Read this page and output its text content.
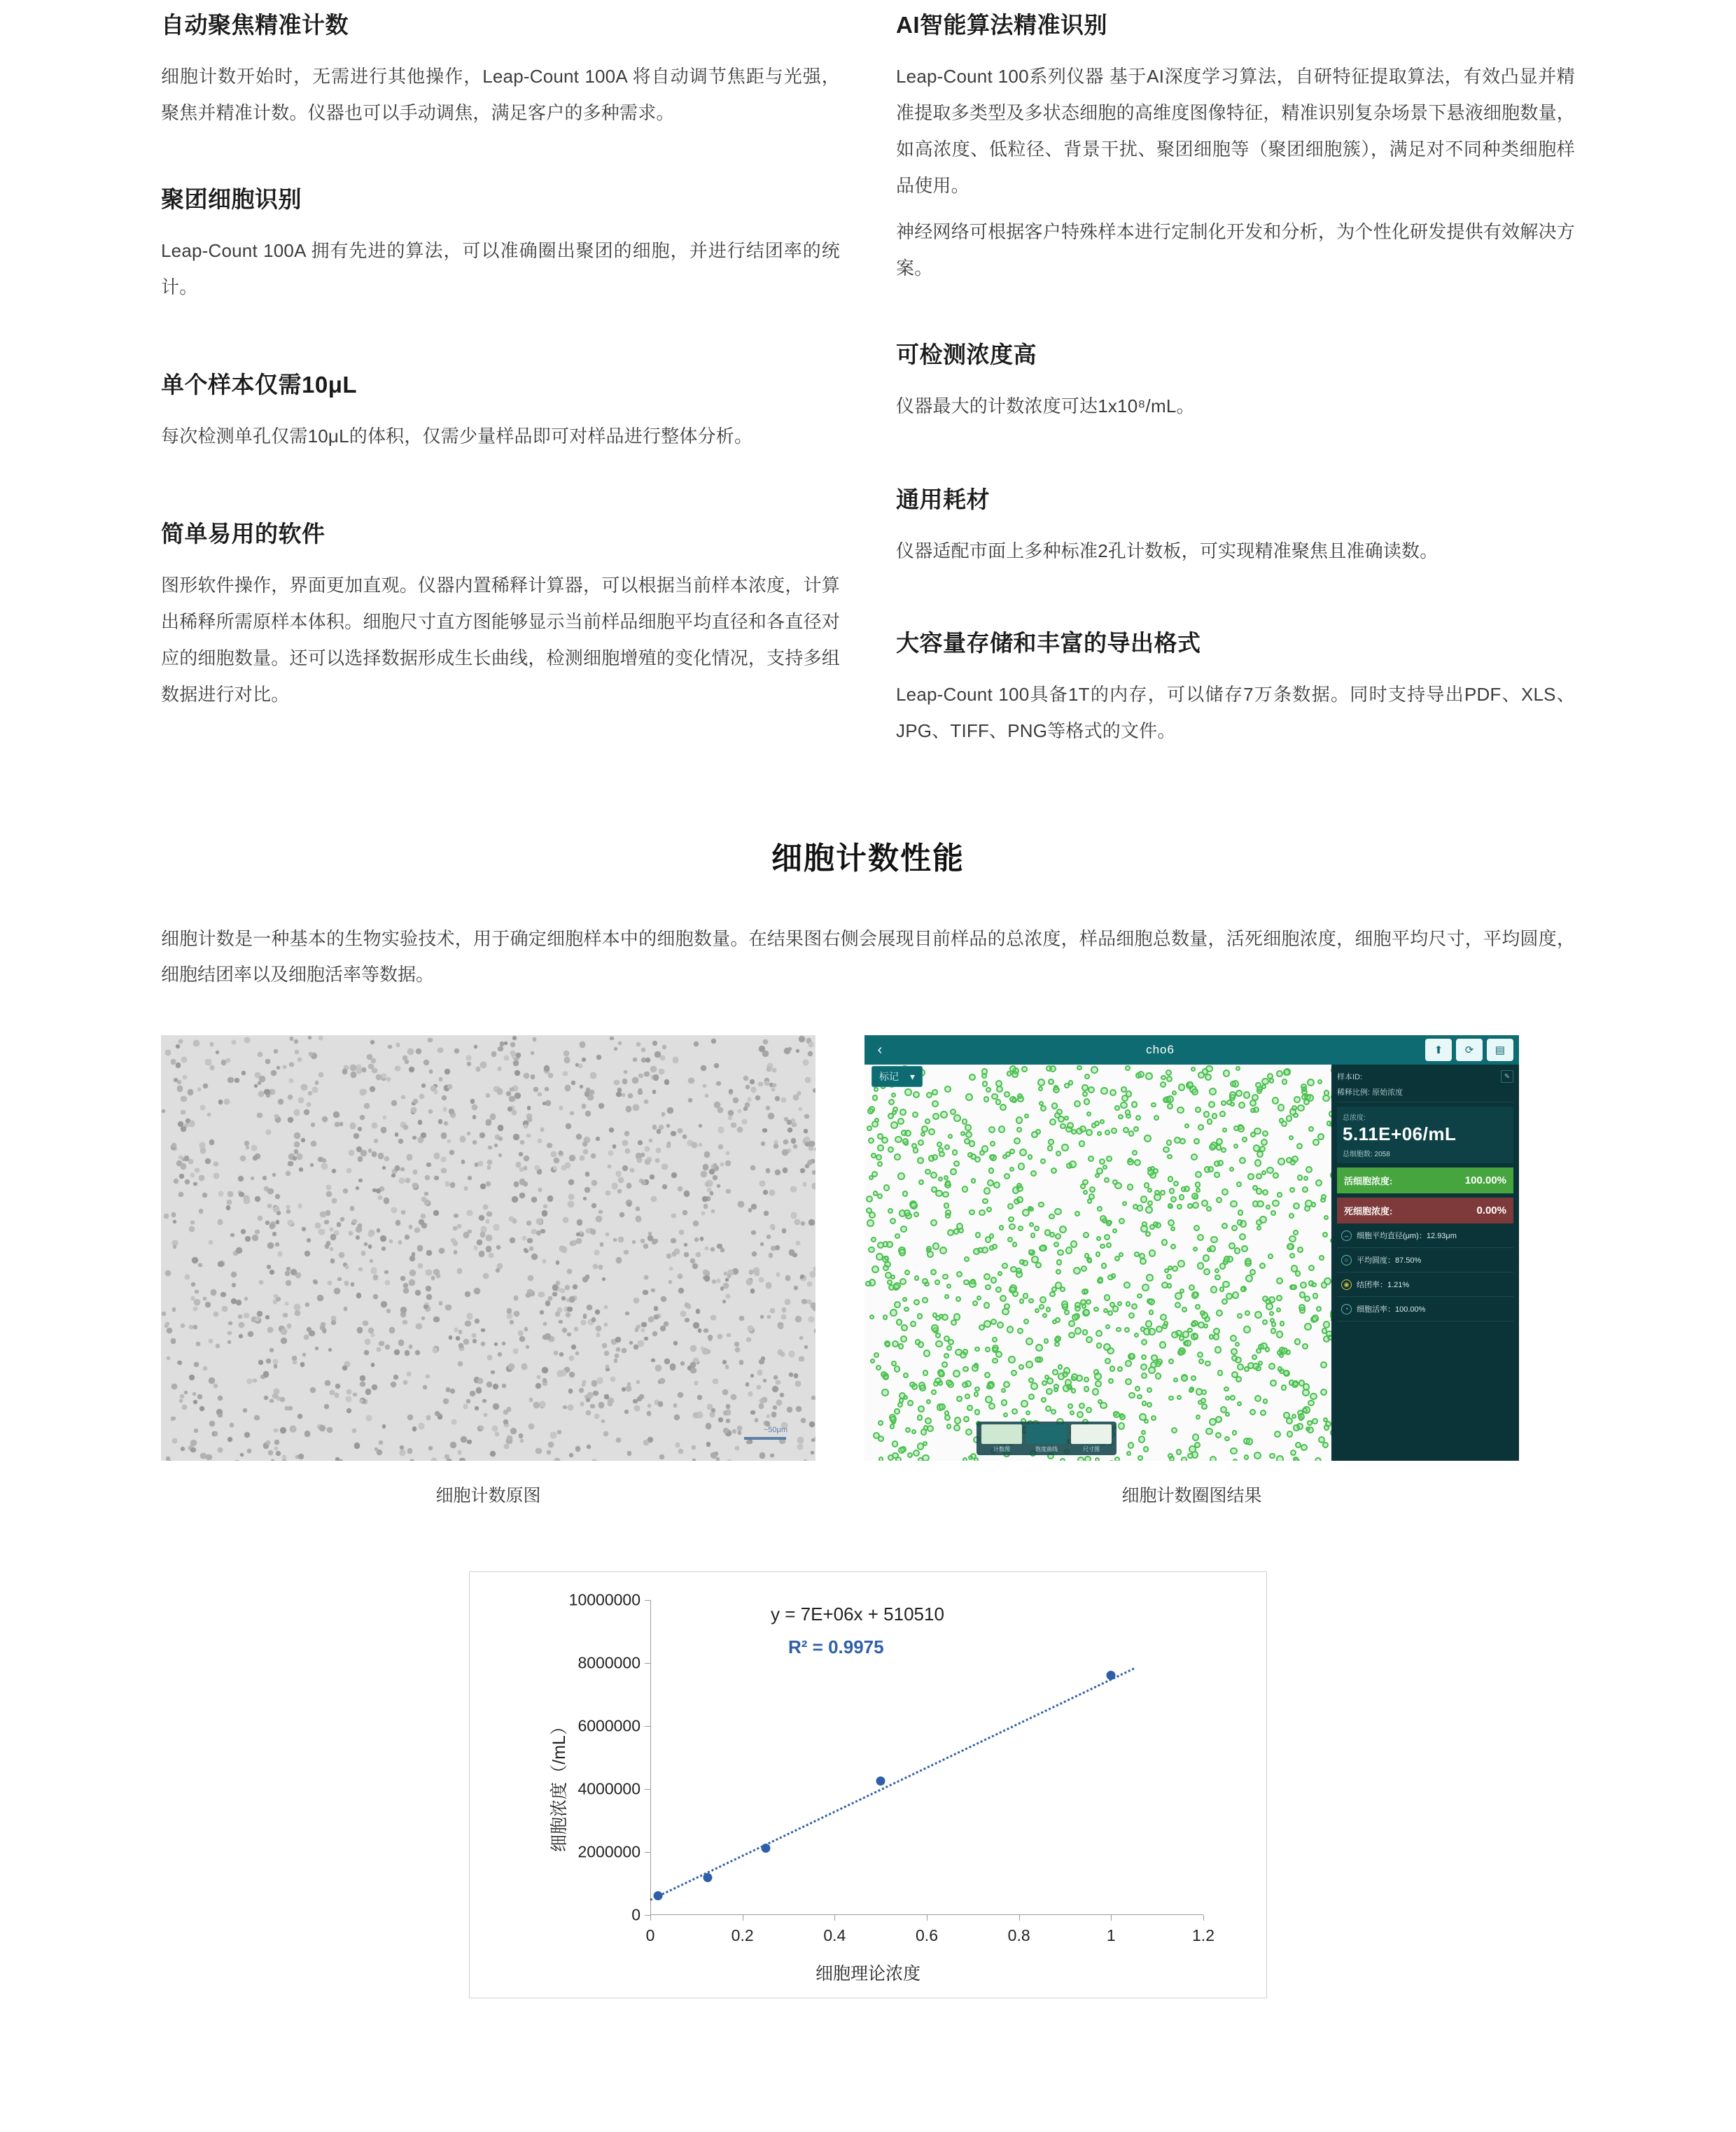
自动聚焦精准计数

细胞计数开始时，无需进行其他操作，Leap-Count 100A 将自动调节焦距与光强，聚焦并精准计数。仪器也可以手动调焦，满足客户的多种需求。

聚团细胞识别

Leap-Count 100A 拥有先进的算法，可以准确圈出聚团的细胞，并进行结团率的统计。

单个样本仅需10μL

每次检测单孔仅需10μL的体积，仅需少量样品即可对样品进行整体分析。

简单易用的软件

图形软件操作，界面更加直观。仪器内置稀释计算器，可以根据当前样本浓度，计算出稀释所需原样本体积。细胞尺寸直方图能够显示当前样品细胞平均直径和各直径对应的细胞数量。还可以选择数据形成生长曲线，检测细胞增殖的变化情况，支持多组数据进行对比。

AI智能算法精准识别

Leap-Count 100系列仪器 基于AI深度学习算法，自研特征提取算法，有效凸显并精准提取多类型及多状态细胞的高维度图像特征，精准识别复杂场景下悬液细胞数量，如高浓度、低粒径、背景干扰、聚团细胞等（聚团细胞簇），满足对不同种类细胞样品使用。

神经网络可根据客户特殊样本进行定制化开发和分析，为个性化研发提供有效解决方案。

可检测浓度高

仪器最大的计数浓度可达1x10⁸/mL。

通用耗材

仪器适配市面上多种标准2孔计数板，可实现精准聚焦且准确读数。

大容量存储和丰富的导出格式

Leap-Count 100具备1T的内存，可以储存7万条数据。同时支持导出PDF、XLS、JPG、TIFF、PNG等格式的文件。

细胞计数性能
细胞计数是一种基本的生物实验技术，用于确定细胞样本中的细胞数量。在结果图右侧会展现目前样品的总浓度，样品细胞总数量，活死细胞浓度，细胞平均尺寸，平均圆度，细胞结团率以及细胞活率等数据。
~50μm
细胞计数原图
‹	cho6	⬆	⟳	▤
标记 ▾
»
计数图	饱度曲线	尺寸图
样本ID:	✎
稀释比例: 原始浓度
总浓度:
5.11E+06/mL
总细胞数: 2058
活细胞浓度:	100.00%
死细胞浓度:	0.00%
↔ 细胞平均直径(μm)：12.93μm
○	平均圆度：87.50%
◉ 结团率：1.21%
◔	细胞活率：100.00%
细胞计数圈图结果
y = 7E+06x + 510510
R² = 0.9975
细胞浓度（/mL）
细胞理论浓度
0
2000000
4000000
6000000
8000000
10000000
0	0.2	0.4	0.6	0.8	1	1.2
